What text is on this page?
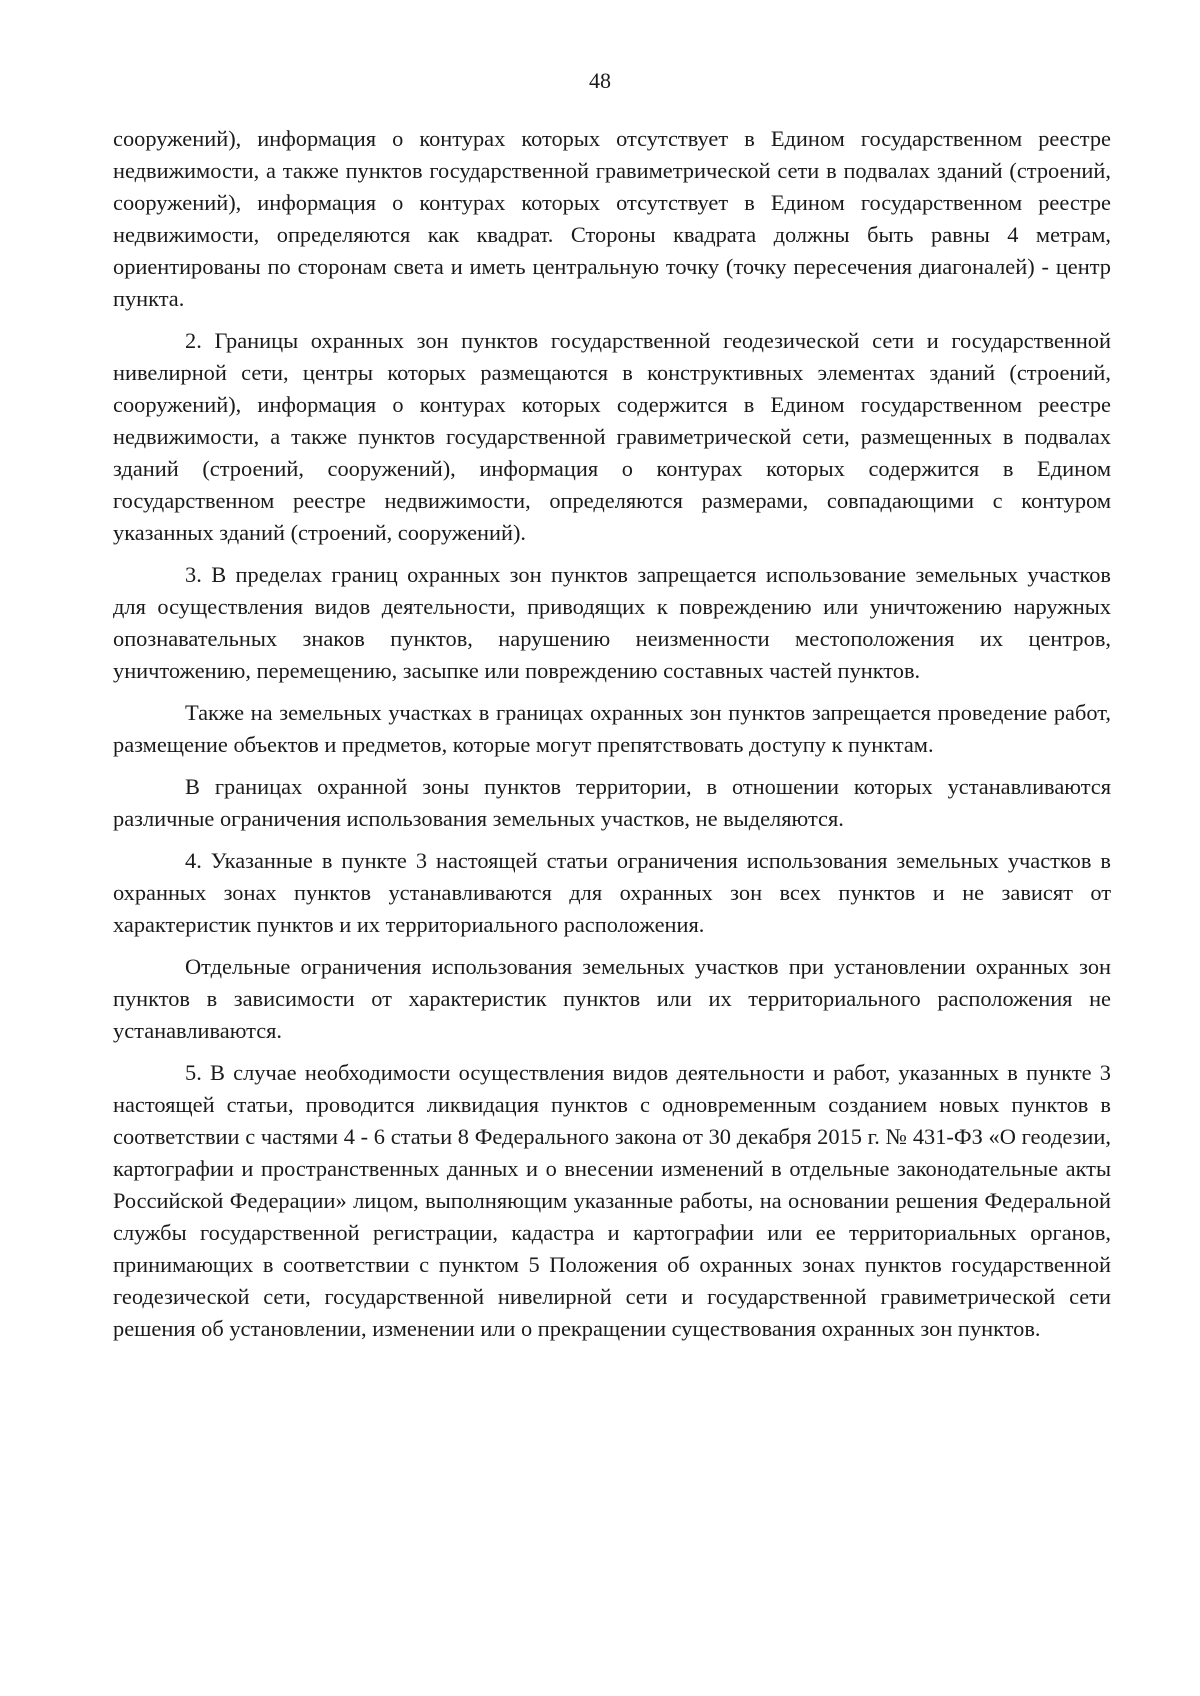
48

сооружений), информация о контурах которых отсутствует в Едином государственном реестре недвижимости, а также пунктов государственной гравиметрической сети в подвалах зданий (строений, сооружений), информация о контурах которых отсутствует в Едином государственном реестре недвижимости, определяются как квадрат. Стороны квадрата должны быть равны 4 метрам, ориентированы по сторонам света и иметь центральную точку (точку пересечения диагоналей) - центр пункта.

2. Границы охранных зон пунктов государственной геодезической сети и государственной нивелирной сети, центры которых размещаются в конструктивных элементах зданий (строений, сооружений), информация о контурах которых содержится в Едином государственном реестре недвижимости, а также пунктов государственной гравиметрической сети, размещенных в подвалах зданий (строений, сооружений), информация о контурах которых содержится в Едином государственном реестре недвижимости, определяются размерами, совпадающими с контуром указанных зданий (строений, сооружений).

3. В пределах границ охранных зон пунктов запрещается использование земельных участков для осуществления видов деятельности, приводящих к повреждению или уничтожению наружных опознавательных знаков пунктов, нарушению неизменности местоположения их центров, уничтожению, перемещению, засыпке или повреждению составных частей пунктов.

Также на земельных участках в границах охранных зон пунктов запрещается проведение работ, размещение объектов и предметов, которые могут препятствовать доступу к пунктам.

В границах охранной зоны пунктов территории, в отношении которых устанавливаются различные ограничения использования земельных участков, не выделяются.

4. Указанные в пункте 3 настоящей статьи ограничения использования земельных участков в охранных зонах пунктов устанавливаются для охранных зон всех пунктов и не зависят от характеристик пунктов и их территориального расположения.

Отдельные ограничения использования земельных участков при установлении охранных зон пунктов в зависимости от характеристик пунктов или их территориального расположения не устанавливаются.

5. В случае необходимости осуществления видов деятельности и работ, указанных в пункте 3 настоящей статьи, проводится ликвидация пунктов с одновременным созданием новых пунктов в соответствии с частями 4 - 6 статьи 8 Федерального закона от 30 декабря 2015 г. № 431-ФЗ «О геодезии, картографии и пространственных данных и о внесении изменений в отдельные законодательные акты Российской Федерации» лицом, выполняющим указанные работы, на основании решения Федеральной службы государственной регистрации, кадастра и картографии или ее территориальных органов, принимающих в соответствии с пунктом 5 Положения об охранных зонах пунктов государственной геодезической сети, государственной нивелирной сети и государственной гравиметрической сети решения об установлении, изменении или о прекращении существования охранных зон пунктов.
